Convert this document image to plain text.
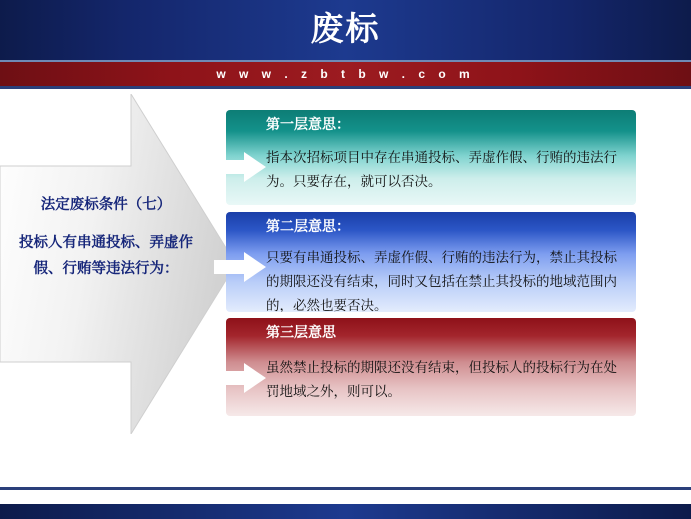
废标
w w w . z b t b w . c o m
法定废标条件（七）
投标人有串通投标、弄虚作假、行贿等违法行为：
第一层意思：
指本次招标项目中存在串通投标、弄虚作假、行贿的违法行为。只要存在，就可以否决。
第二层意思：
只要有串通投标、弄虚作假、行贿的违法行为，禁止其投标的期限还没有结束，同时又包括在禁止其投标的地域范围内的，必然也要否决。
第三层意思
虽然禁止投标的期限还没有结束，但投标人的投标行为在处罚地域之外，则可以。
